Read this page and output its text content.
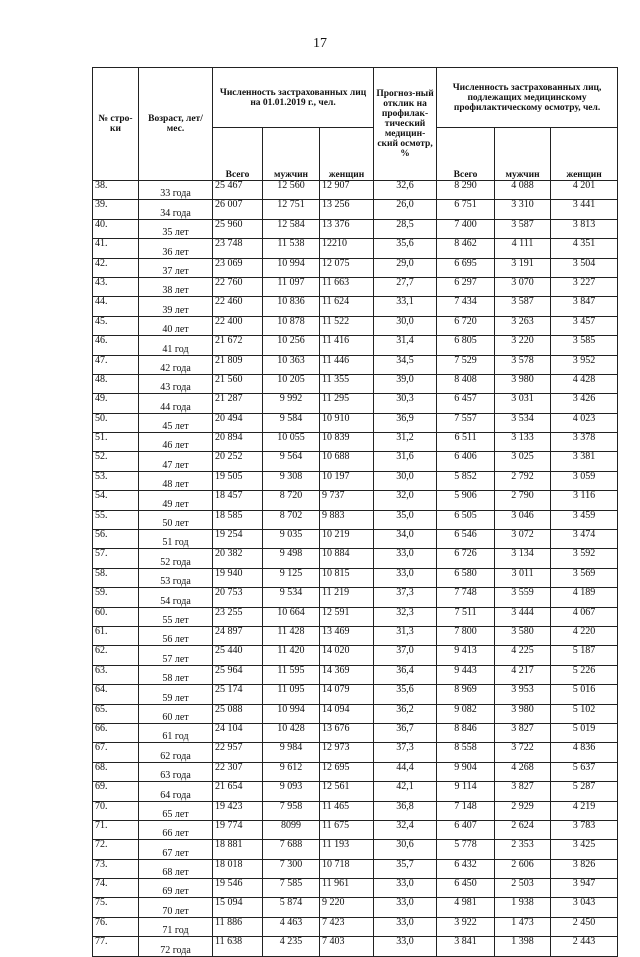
17
№ стро-ки	Возраст, лет/ мес.	Численность застрахованных лиц на 01.01.2019 г., чел.			Прогноз-ный отклик на профилак-тический медицин-ский осмотр, %	Численность застрахованных лиц, подлежащих медицинскому профилактическому осмотру, чел.		
		Всего	мужчин	женщин		Всего	мужчин	женщин
38.	33 года	25 467	12 560	12 907	32,6	8 290	4 088	4 201
39.	34 года	26 007	12 751	13 256	26,0	6 751	3 310	3 441
40.	35 лет	25 960	12 584	13 376	28,5	7 400	3 587	3 813
41.	36 лет	23 748	11 538	12210	35,6	8 462	4 111	4 351
42.	37 лет	23 069	10 994	12 075	29,0	6 695	3 191	3 504
43.	38 лет	22 760	11 097	11 663	27,7	6 297	3 070	3 227
44.	39 лет	22 460	10 836	11 624	33,1	7 434	3 587	3 847
45.	40 лет	22 400	10 878	11 522	30,0	6 720	3 263	3 457
46.	41 год	21 672	10 256	11 416	31,4	6 805	3 220	3 585
47.	42 года	21 809	10 363	11 446	34,5	7 529	3 578	3 952
48.	43 года	21 560	10 205	11 355	39,0	8 408	3 980	4 428
49.	44 года	21 287	9 992	11 295	30,3	6 457	3 031	3 426
50.	45 лет	20 494	9 584	10 910	36,9	7 557	3 534	4 023
51.	46 лет	20 894	10 055	10 839	31,2	6 511	3 133	3 378
52.	47 лет	20 252	9 564	10 688	31,6	6 406	3 025	3 381
53.	48 лет	19 505	9 308	10 197	30,0	5 852	2 792	3 059
54.	49 лет	18 457	8 720	9 737	32,0	5 906	2 790	3 116
55.	50 лет	18 585	8 702	9 883	35,0	6 505	3 046	3 459
56.	51 год	19 254	9 035	10 219	34,0	6 546	3 072	3 474
57.	52 года	20 382	9 498	10 884	33,0	6 726	3 134	3 592
58.	53 года	19 940	9 125	10 815	33,0	6 580	3 011	3 569
59.	54 года	20 753	9 534	11 219	37,3	7 748	3 559	4 189
60.	55 лет	23 255	10 664	12 591	32,3	7 511	3 444	4 067
61.	56 лет	24 897	11 428	13 469	31,3	7 800	3 580	4 220
62.	57 лет	25 440	11 420	14 020	37,0	9 413	4 225	5 187
63.	58 лет	25 964	11 595	14 369	36,4	9 443	4 217	5 226
64.	59 лет	25 174	11 095	14 079	35,6	8 969	3 953	5 016
65.	60 лет	25 088	10 994	14 094	36,2	9 082	3 980	5 102
66.	61 год	24 104	10 428	13 676	36,7	8 846	3 827	5 019
67.	62 года	22 957	9 984	12 973	37,3	8 558	3 722	4 836
68.	63 года	22 307	9 612	12 695	44,4	9 904	4 268	5 637
69.	64 года	21 654	9 093	12 561	42,1	9 114	3 827	5 287
70.	65 лет	19 423	7 958	11 465	36,8	7 148	2 929	4 219
71.	66 лет	19 774	8099	11 675	32,4	6 407	2 624	3 783
72.	67 лет	18 881	7 688	11 193	30,6	5 778	2 353	3 425
73.	68 лет	18 018	7 300	10 718	35,7	6 432	2 606	3 826
74.	69 лет	19 546	7 585	11 961	33,0	6 450	2 503	3 947
75.	70 лет	15 094	5 874	9 220	33,0	4 981	1 938	3 043
76.	71 год	11 886	4 463	7 423	33,0	3 922	1 473	2 450
77.	72 года	11 638	4 235	7 403	33,0	3 841	1 398	2 443
